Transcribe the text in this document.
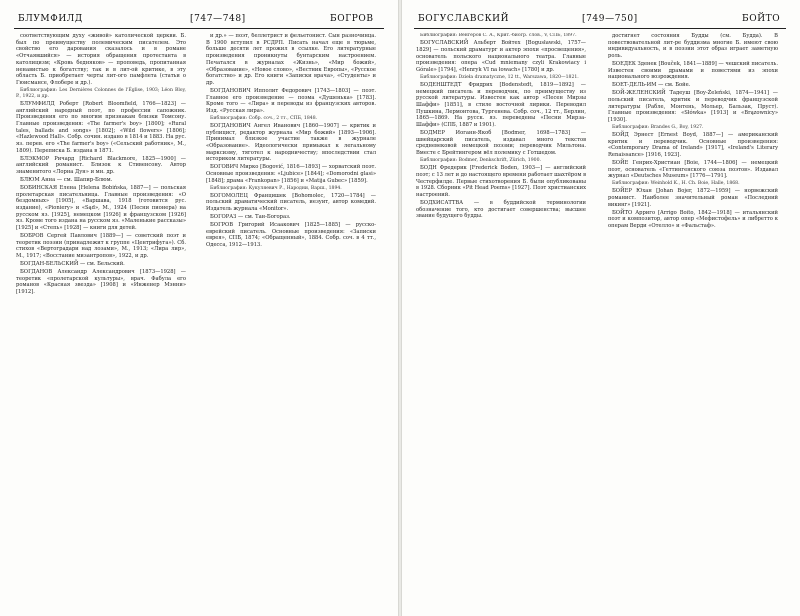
БЛУМФИЛД	[747—748]	БОГРОВ

соответствующим духу «живой» католической церкви. Б. был по преимуществу полемическим писателем. Это свойство его дарования сказалось и в романе «Отчаявшийся» — история обращения протестанта в католицизм; «Кровь бедняков» — проповедь, пропитанная ненавистью к богатству; так и в лит-ой критике, в эту область Б. приобретает черты лит-ого памфлета (статьи о Гюисмансе, Флобере и др.).

Библиография: Les Dernières Colonnes de l'Église, 1903; Léon Bloy, P., 1922, и др.

БЛУМФИЛД Роберт [Robert Bloomfield, 1766—1823] — английский народный поэт, по профессии сапожник. Произведения его по многим признакам близки Томсону. Главные произведения: «The farmer's boy» [1800]; «Rural tales, ballads and songs» [1802]; «Wild flowers» [1806]; «Hazlewood Hall». Собр. сочин. издано в 1814 и 1883. На рус. яз. перев. его «The farmer's boy» («Сельский работник», М., 1809). Переписка Б. издана в 1871.

БЛЭКМОР Ричард [Richard Blackmore, 1825—1900] — английский романист. Близок к Стивенсону. Автор знаменитого «Лорна Дун» и мн. др.

БЛЮМ Анна — см. Шапир-Блюм.

БОБИНСКАЯ Елена [Helena Bobińska, 1887—] — польская пролетарская писательница. Главные произведения: «О бездомных» [1905], «Варшава, 1918 (готовится рус. издание), «Pioniery» и «Sąd», М., 1924 (Песни пионера) на русском яз. [1925], немецком [1926] и французском [1926] яз. Кроме того издана на русском яз. «Маленькие рассказы» [1925] и «Степь» [1928] — книги для детей.

БОБРОВ Сергей Павлович [1889—] — советский поэт и теоретик поэзии (принадлежит к группе «Центрифуга»). Сб. стихов «Вертоградари над лозами», М., 1913; «Лира лир», М., 1917; «Восстание мизантропов», 1922, и др.

БОГДАН-БЕЛЬСКИЙ — см. Бельский.

БОГДАНОВ Александр Александрович [1873—1928] — теоретик «пролетарской культуры», врач. Фабула его романов «Красная звезда» [1908] и «Инженер Мэнни» [1912].

и др.» — поэт, беллетрист и фельетонист. Сын разночинца. В 1900 вступил в РСДРП. Писать начал еще в тюрьме, больше десяти лет прожил в ссылке. Его литературные произведения проникнуты бунтарским настроением. Печатался в журналах «Жизнь», «Мир божий», «Образование», «Новое слово», «Вестник Европы», «Русское богатство» и др. Его книги «Записки врача», «Студенты» и др.

БОГДАНОВИЧ Ипполит Федорович [1743—1803] — поэт. Главное его произведение — поэма «Душенька» [1783]. Кроме того — «Лира» и переводы из французских авторов. Изд. «Русская лира».

Библиография: Собр. соч., 2 тт., СПБ, 1848.

БОГДАНОВИЧ Ангел Иванович [1860—1907] — критик и публицист, редактор журнала «Мир божий» [1893—1906]. Принимал близкое участие также в журнале «Образование». Идеологически примыкал к легальному марксизму, тяготел к народничеству; впоследствии стал историком литературы.

БОГОВИЧ Мирко [Bogović, 1816—1893] — хорватский поэт. Основные произведения: «Ljubice» [1844]; «Domorodni glasi» [1848]; драма «Frankopan» [1856] и «Matija Gubec» [1859].

Библиография: Кукуляевич Р., Народни, Варш., 1894.

БОГОМОЛЕЦ Францишек [Bohomolec, 1720—1784] — польский драматический писатель, иезуит, автор комедий. Издатель журнала «Monitor».

БОГОРАЗ — см. Тан-Богораз.

БОГРОВ Григорий Исаакович [1825—1885] — русско-еврейский писатель. Основные произведения: «Записки еврея», СПБ, 1874; «Обращенный», 1884. Собр. соч. в 4 тт., Одесса, 1912—1913.

БОГУСЛАВСКИЙ	[749—750]	БОЙТО

Библиография: Венгеров С. А., Крит.-биогр. слов., V, СПБ, 1897.

БОГУСЛАВСКИЙ Альберт Войтех [Bogusławski, 1757—1829] — польский драматург и актер эпохи «просвещения», основатель польского национального театра. Главные произведения: опера «Cud mniemany czyli Krakowiacy i Górale» [1794], «Henryk VI na łowach» [1780] и др.

Библиография: Dzieła dramatyczne, 12 tt., Warszawa, 1820—1821.

БОДЕНШТЕДТ Фридрих [Bodenstedt, 1819—1892] — немецкий писатель и переводчик, по преимуществу из русской литературы. Известен как автор «Песен Мирзы Шаффи» [1851], в стиле восточной лирики. Переводил Пушкина, Лермонтова, Тургенева. Собр. соч., 12 тт., Берлин, 1865—1869. На русск. яз. переведены «Песни Мирза-Шаффи» (СПБ, 1887 и 1901).

БОДМЕР Иоганн-Якоб [Bodmer, 1698—1783] — швейцарский писатель, издавал много текстов средневековой немецкой поэзии; переводчик Мильтона. Вместе с Брейтингером вёл полемику с Готшедом.

Библиография: Bodmer, Denkschrift, Zürich, 1900.

БОДН Фредерик [Frederick Boden, 1903—] — английский поэт; с 13 лет и до настоящего времени работает шахтёром в Честерфилде. Первые стихотворения Б. были опубликованы в 1928. Сборник «Pit Head Poems» [1927]. Поэт христианских настроений.

БОДХИСАТТВА — в буддийской терминологии обозначение того, кто достигает совершенства; высшее звание будущего будды.

достигнет состояния Будды (см. Будда). В повествовательной лит-ре буддизма многие Б. имеют свою индивидуальность, и в поэзии этот образ играет заметную роль.

БОЕДЕК Зденек [Bouček, 1841—1889] — чешский писатель. Известен своими драмами и повестями из эпохи национального возрождения.

БОЕТ-ДЕЛЬ-ИМ — см. Бойе.

БОЙ-ЖЕЛЕНСКИЙ Тадеуш [Boy-Żeleński, 1874—1941] — польский писатель, критик и переводчик французской литературы (Рабле, Монтень, Мольер, Бальзак, Пруст). Главные произведения: «Słówka» [1913] и «Brązownicy» [1930].

Библиография: Brandes G., Boy, 1927.

БОЙД Эрнест [Ernest Boyd, 1887—] — американский критик и переводчик. Основные произведения: «Contemporary Drama of Ireland» [1917], «Ireland's Literary Renaissance» [1916, 1923].

БОЙЕ Генрих-Христиан [Boie, 1744—1806] — немецкий поэт, основатель «Геттингенского союза поэтов». Издавал журнал «Deutsches Museum» [1776—1791].

Библиография: Weinhold K., H. Ch. Boie, Halle, 1868.

БОЙЕР Юхан [Johan Bojer, 1872—1959] — норвежский романист. Наиболее значительный роман «Последний викинг» [1921].

БОЙТО Арриго [Arrigo Boito, 1842—1918] — итальянский поэт и композитор, автор опер «Мефистофель» и либретто к операм Верди «Отелло» и «Фальстаф».
